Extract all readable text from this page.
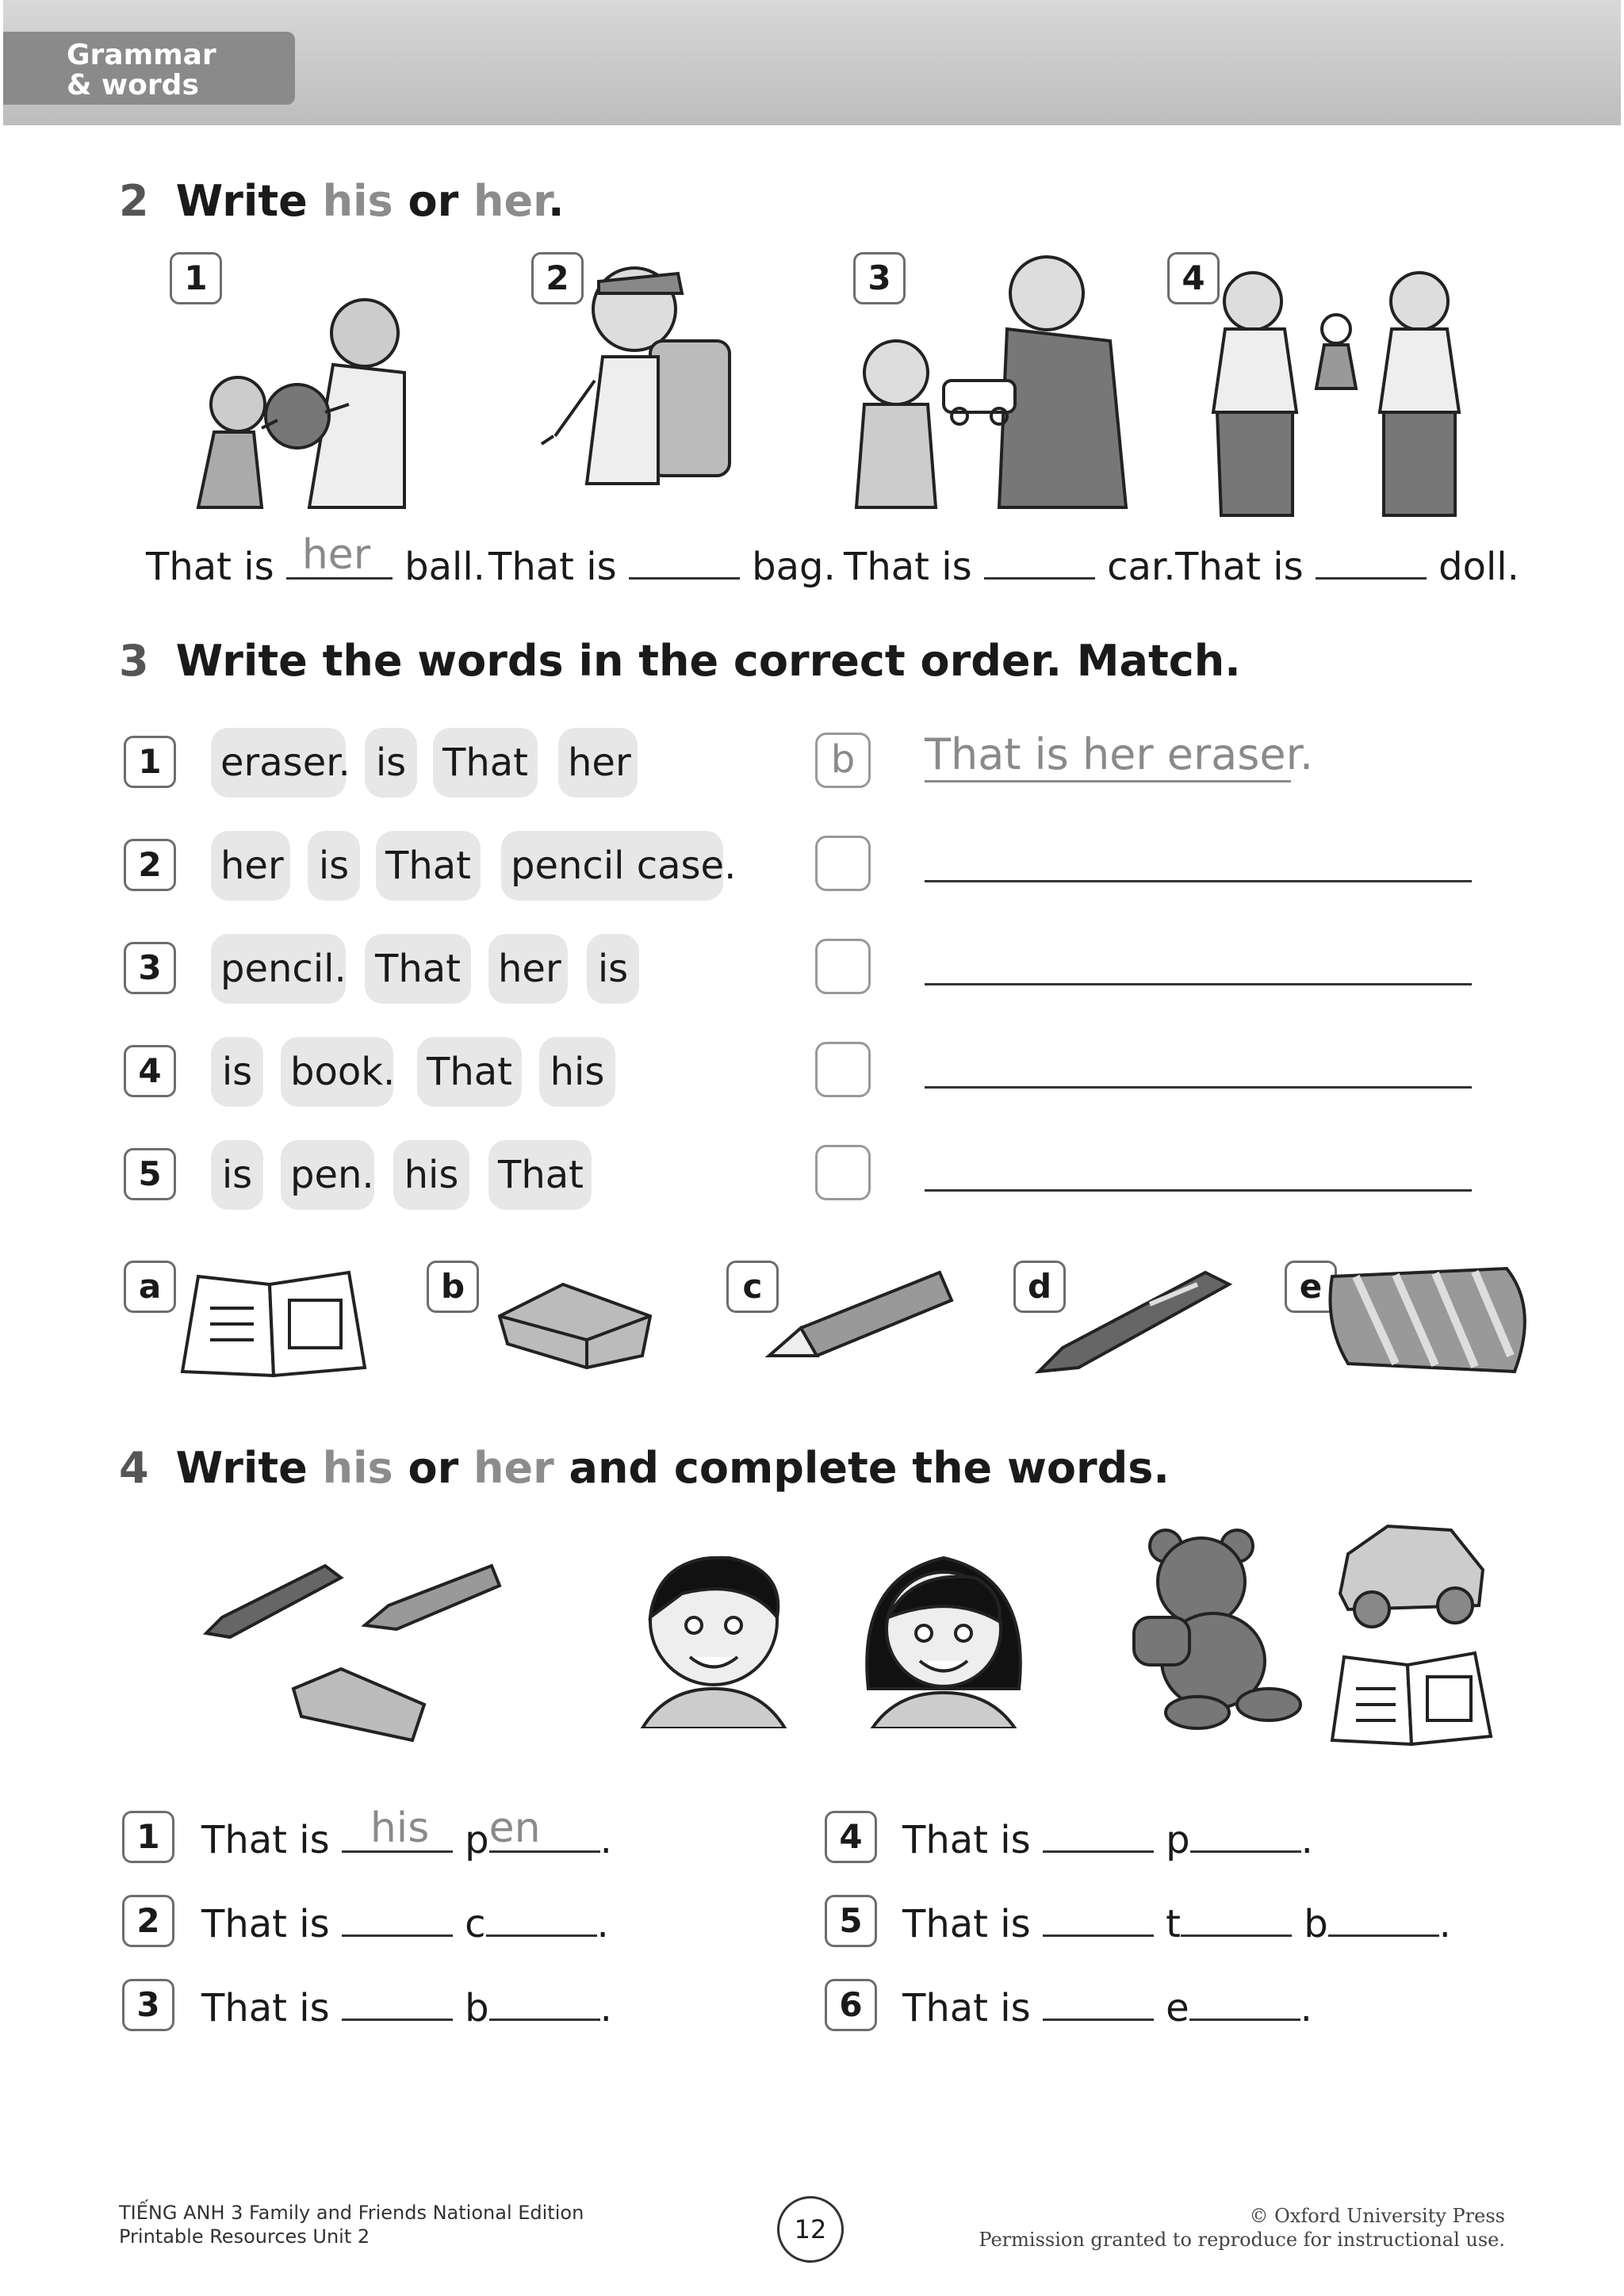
Grammar
& words
2 Write his or her.
1	2	3	4
That is her ball. That is	bag. That is	car. That is	doll.
3 Write the words in the correct order. Match.
1	eraser. is That her	b	That is her eraser.
2	her is That pencil case.
3	pencil. That her is
4	is book. That his
5	is pen. his That
a	b	c	d	e
4 Write his or her and complete the words.
1	That is his p en .
2	That is	c	.
3	That is	b	.
4	That is	p	.
5	That is	t	b	.
6	That is	e	.
TIẾNG ANH 3 Family and Friends National Edition
Printable Resources Unit 2	12	© Oxford University Press
Permission granted to reproduce for instructional use.
